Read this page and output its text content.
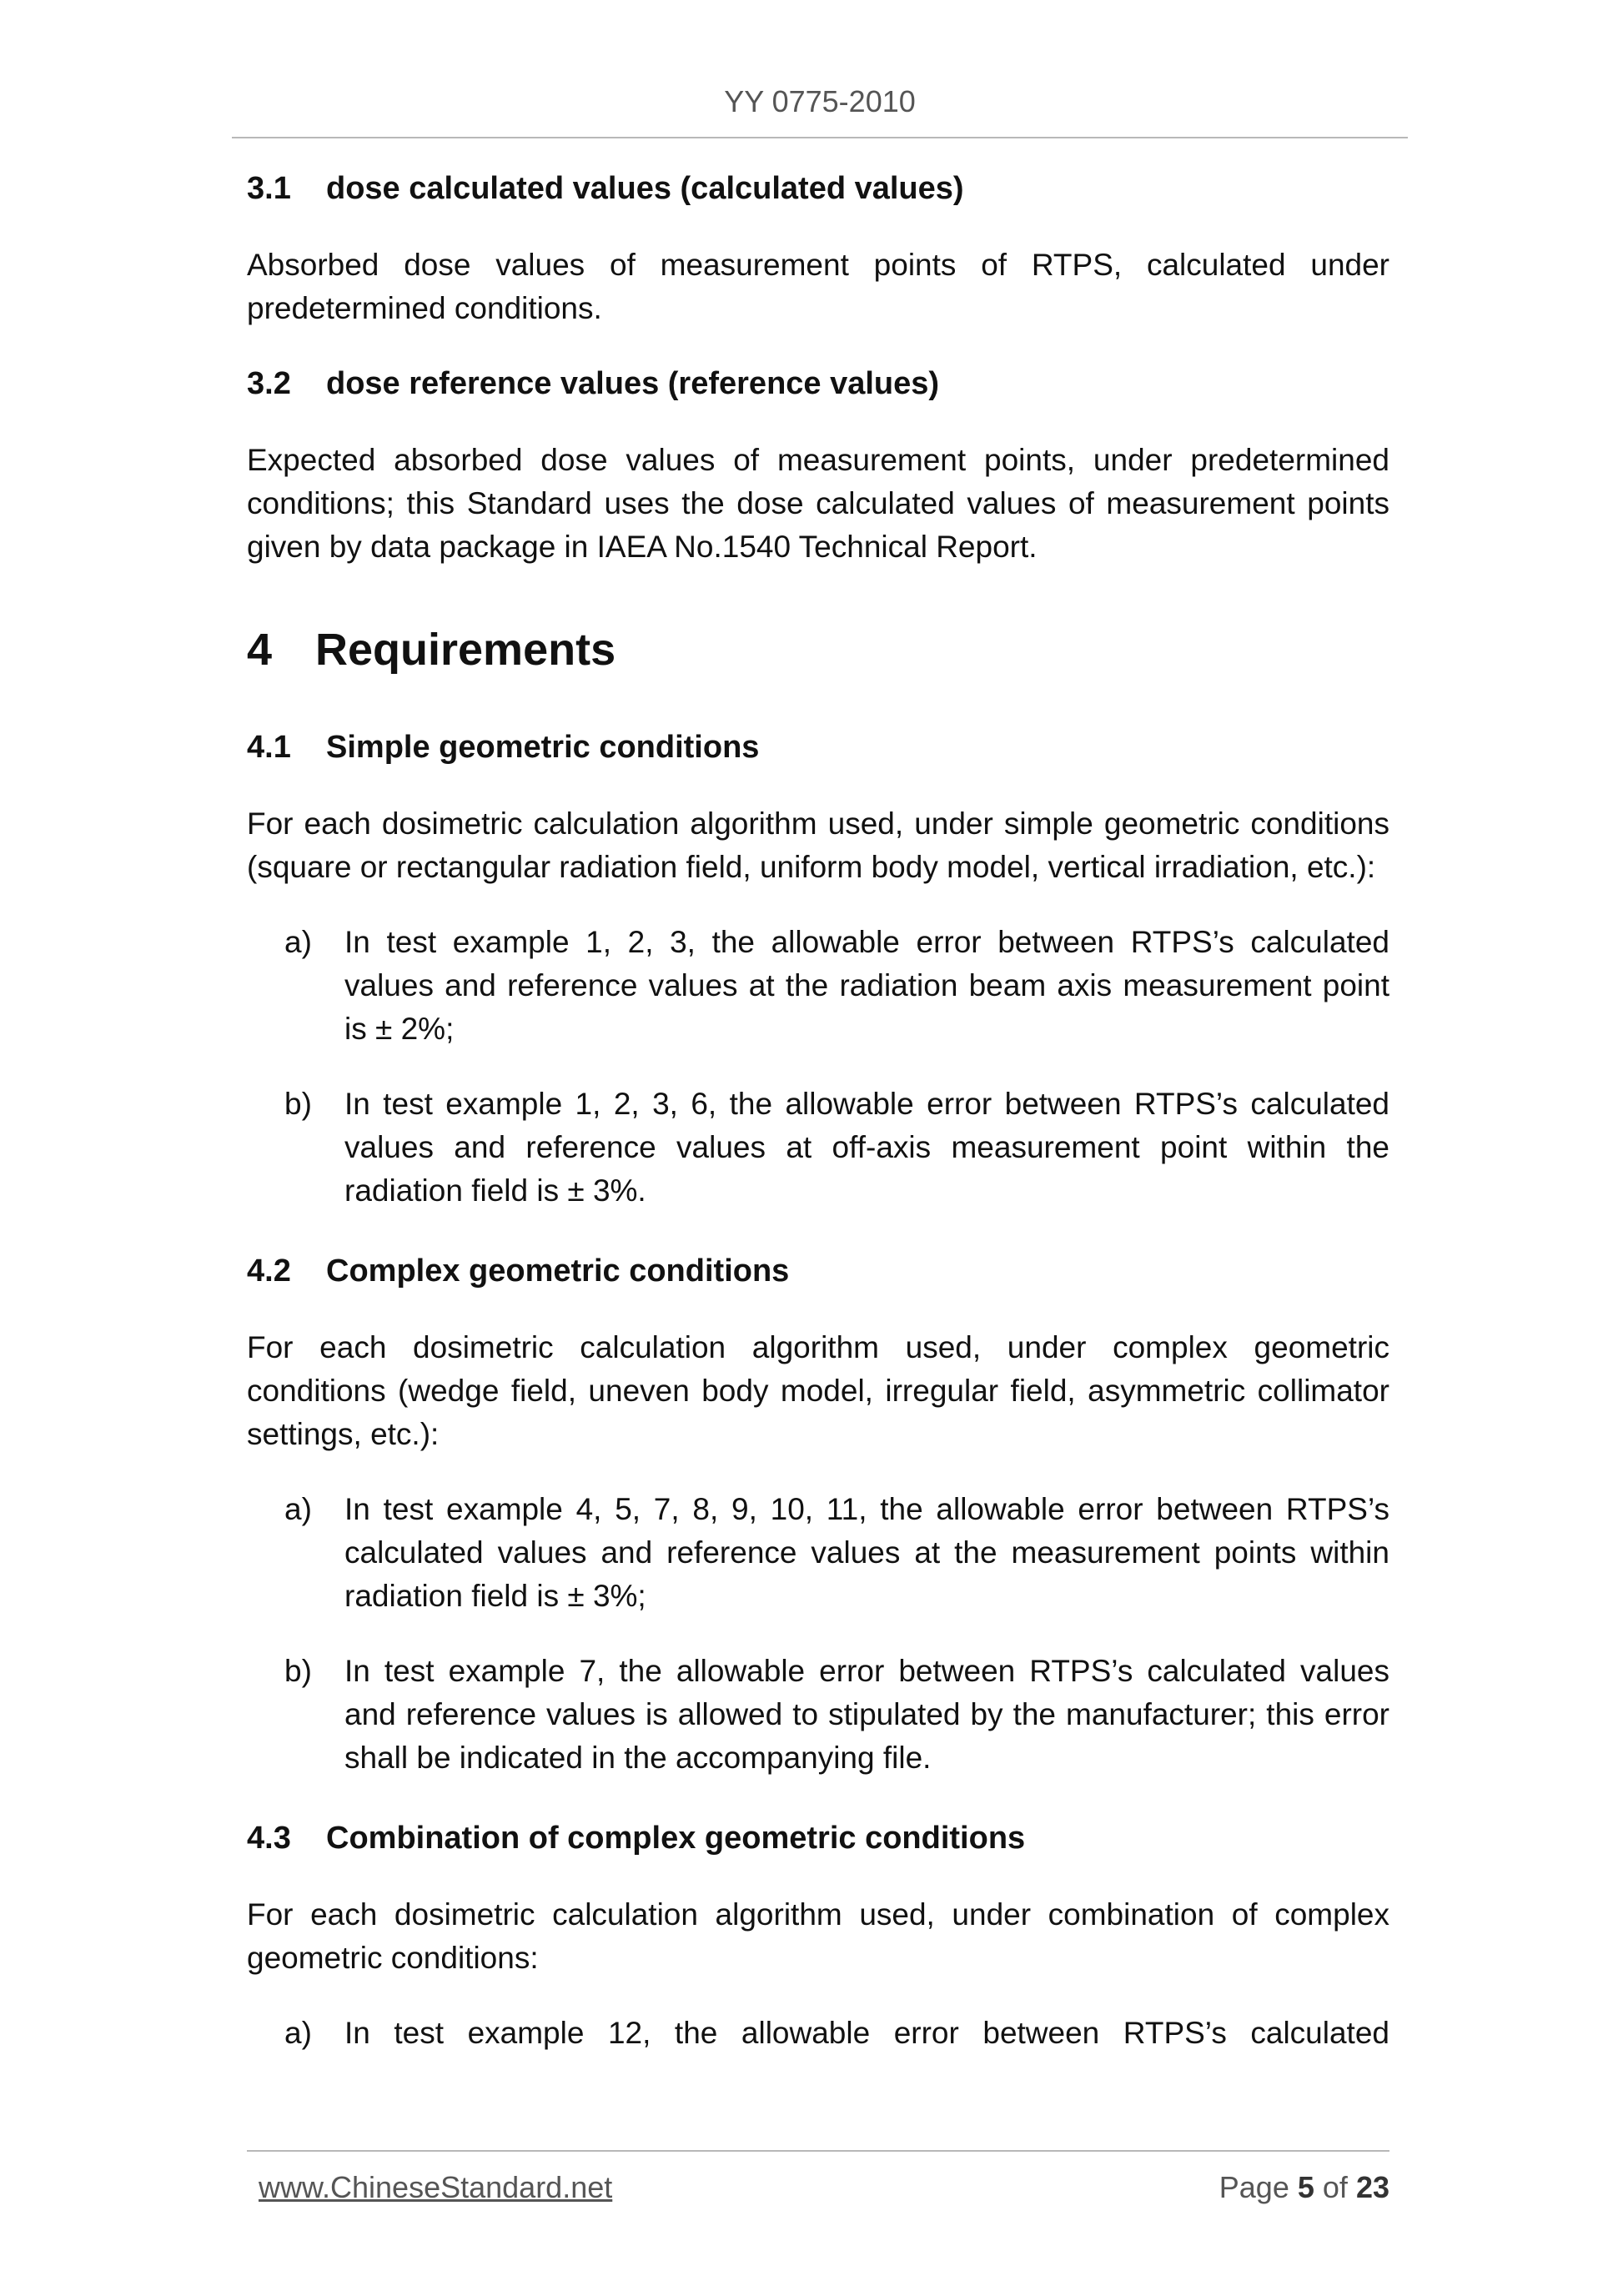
YY 0775-2010
3.1	dose calculated values (calculated values)

Absorbed dose values of measurement points of RTPS, calculated under predetermined conditions.

3.2	dose reference values (reference values)

Expected absorbed dose values of measurement points, under predetermined conditions; this Standard uses the dose calculated values of measurement points given by data package in IAEA No.1540 Technical Report.

4 Requirements
4.1	Simple geometric conditions

For each dosimetric calculation algorithm used, under simple geometric conditions (square or rectangular radiation field, uniform body model, vertical irradiation, etc.):

a) In test example 1, 2, 3, the allowable error between RTPS’s calculated values and reference values at the radiation beam axis measurement point is ± 2%;

b) In test example 1, 2, 3, 6, the allowable error between RTPS’s calculated values and reference values at off-axis measurement point within the radiation field is ± 3%.

4.2	Complex geometric conditions

For each dosimetric calculation algorithm used, under complex geometric conditions (wedge field, uneven body model, irregular field, asymmetric collimator settings, etc.):

a) In test example 4, 5, 7, 8, 9, 10, 11, the allowable error between RTPS’s calculated values and reference values at the measurement points within radiation field is ± 3%;

b) In test example 7, the allowable error between RTPS’s calculated values and reference values is allowed to stipulated by the manufacturer; this error shall be indicated in the accompanying file.

4.3	Combination of complex geometric conditions

For each dosimetric calculation algorithm used, under combination of complex geometric conditions:

a) In test example 12, the allowable error between RTPS’s calculated

www.ChineseStandard.net	Page 5 of 23
